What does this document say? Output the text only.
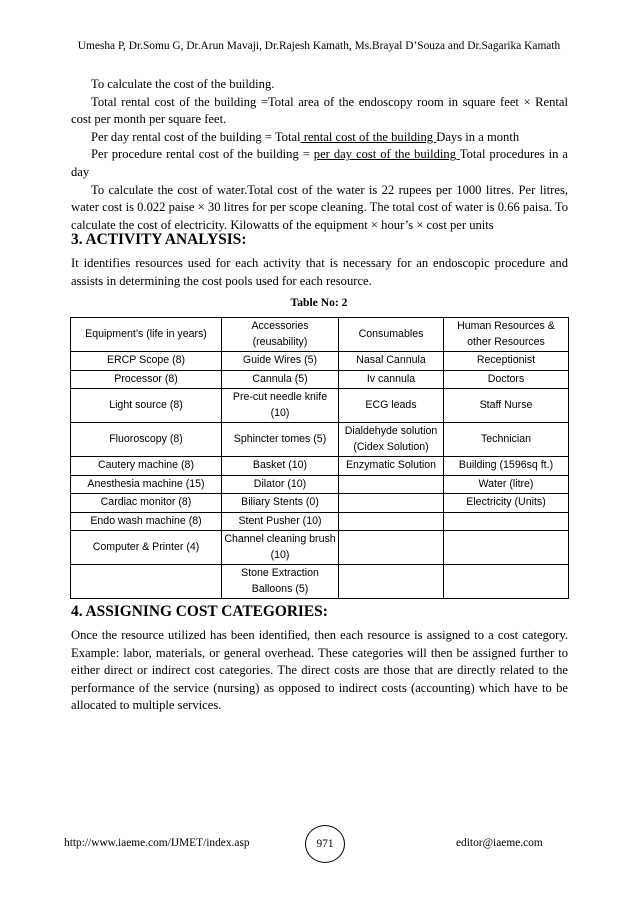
Umesha P, Dr.Somu G, Dr.Arun Mavaji, Dr.Rajesh Kamath, Ms.Brayal D’Souza and Dr.Sagarika Kamath

To calculate the cost of the building.

Total rental cost of the building =Total area of the endoscopy room in square feet × Rental cost per month per square feet.

Per day rental cost of the building = Total rental cost of the building Days in a month

Per procedure rental cost of the building = per day cost of the building Total procedures in a day

To calculate the cost of water.Total cost of the water is 22 rupees per 1000 litres. Per litres, water cost is 0.022 paise × 30 litres for per scope cleaning. The total cost of water is 0.66 paisa. To calculate the cost of electricity. Kilowatts of the equipment × hour’s × cost per units

3. ACTIVITY ANALYSIS:
It identifies resources used for each activity that is necessary for an endoscopic procedure and assists in determining the cost pools used for each resource.
Table No: 2
Equipment’s (life in years)	Accessories (reusability)	Consumables	Human Resources & other Resources
ERCP Scope (8)	Guide Wires (5)	Nasal Cannula	Receptionist
Processor (8)	Cannula (5)	Iv cannula	Doctors
Light source (8)	Pre-cut needle knife (10)	ECG leads	Staff Nurse
Fluoroscopy (8)	Sphincter tomes (5)	Dialdehyde solution (Cidex Solution)	Technician
Cautery machine (8)	Basket (10)	Enzymatic Solution	Building (1596sq ft.)
Anesthesia machine (15)	Dilator (10)		Water (litre)
Cardiac monitor (8)	Biliary Stents (0)		Electricity (Units)
Endo wash machine (8)	Stent Pusher (10)		
Computer & Printer (4)	Channel cleaning brush (10)		
	Stone Extraction Balloons (5)		
4. ASSIGNING COST CATEGORIES:
Once the resource utilized has been identified, then each resource is assigned to a cost category. Example: labor, materials, or general overhead. These categories will then be assigned further to either direct or indirect cost categories. The direct costs are those that are directly related to the performance of the service (nursing) as opposed to indirect costs (accounting) which have to be allocated to multiple services.
http://www.iaeme.com/IJMET/index.asp	971	editor@iaeme.com
